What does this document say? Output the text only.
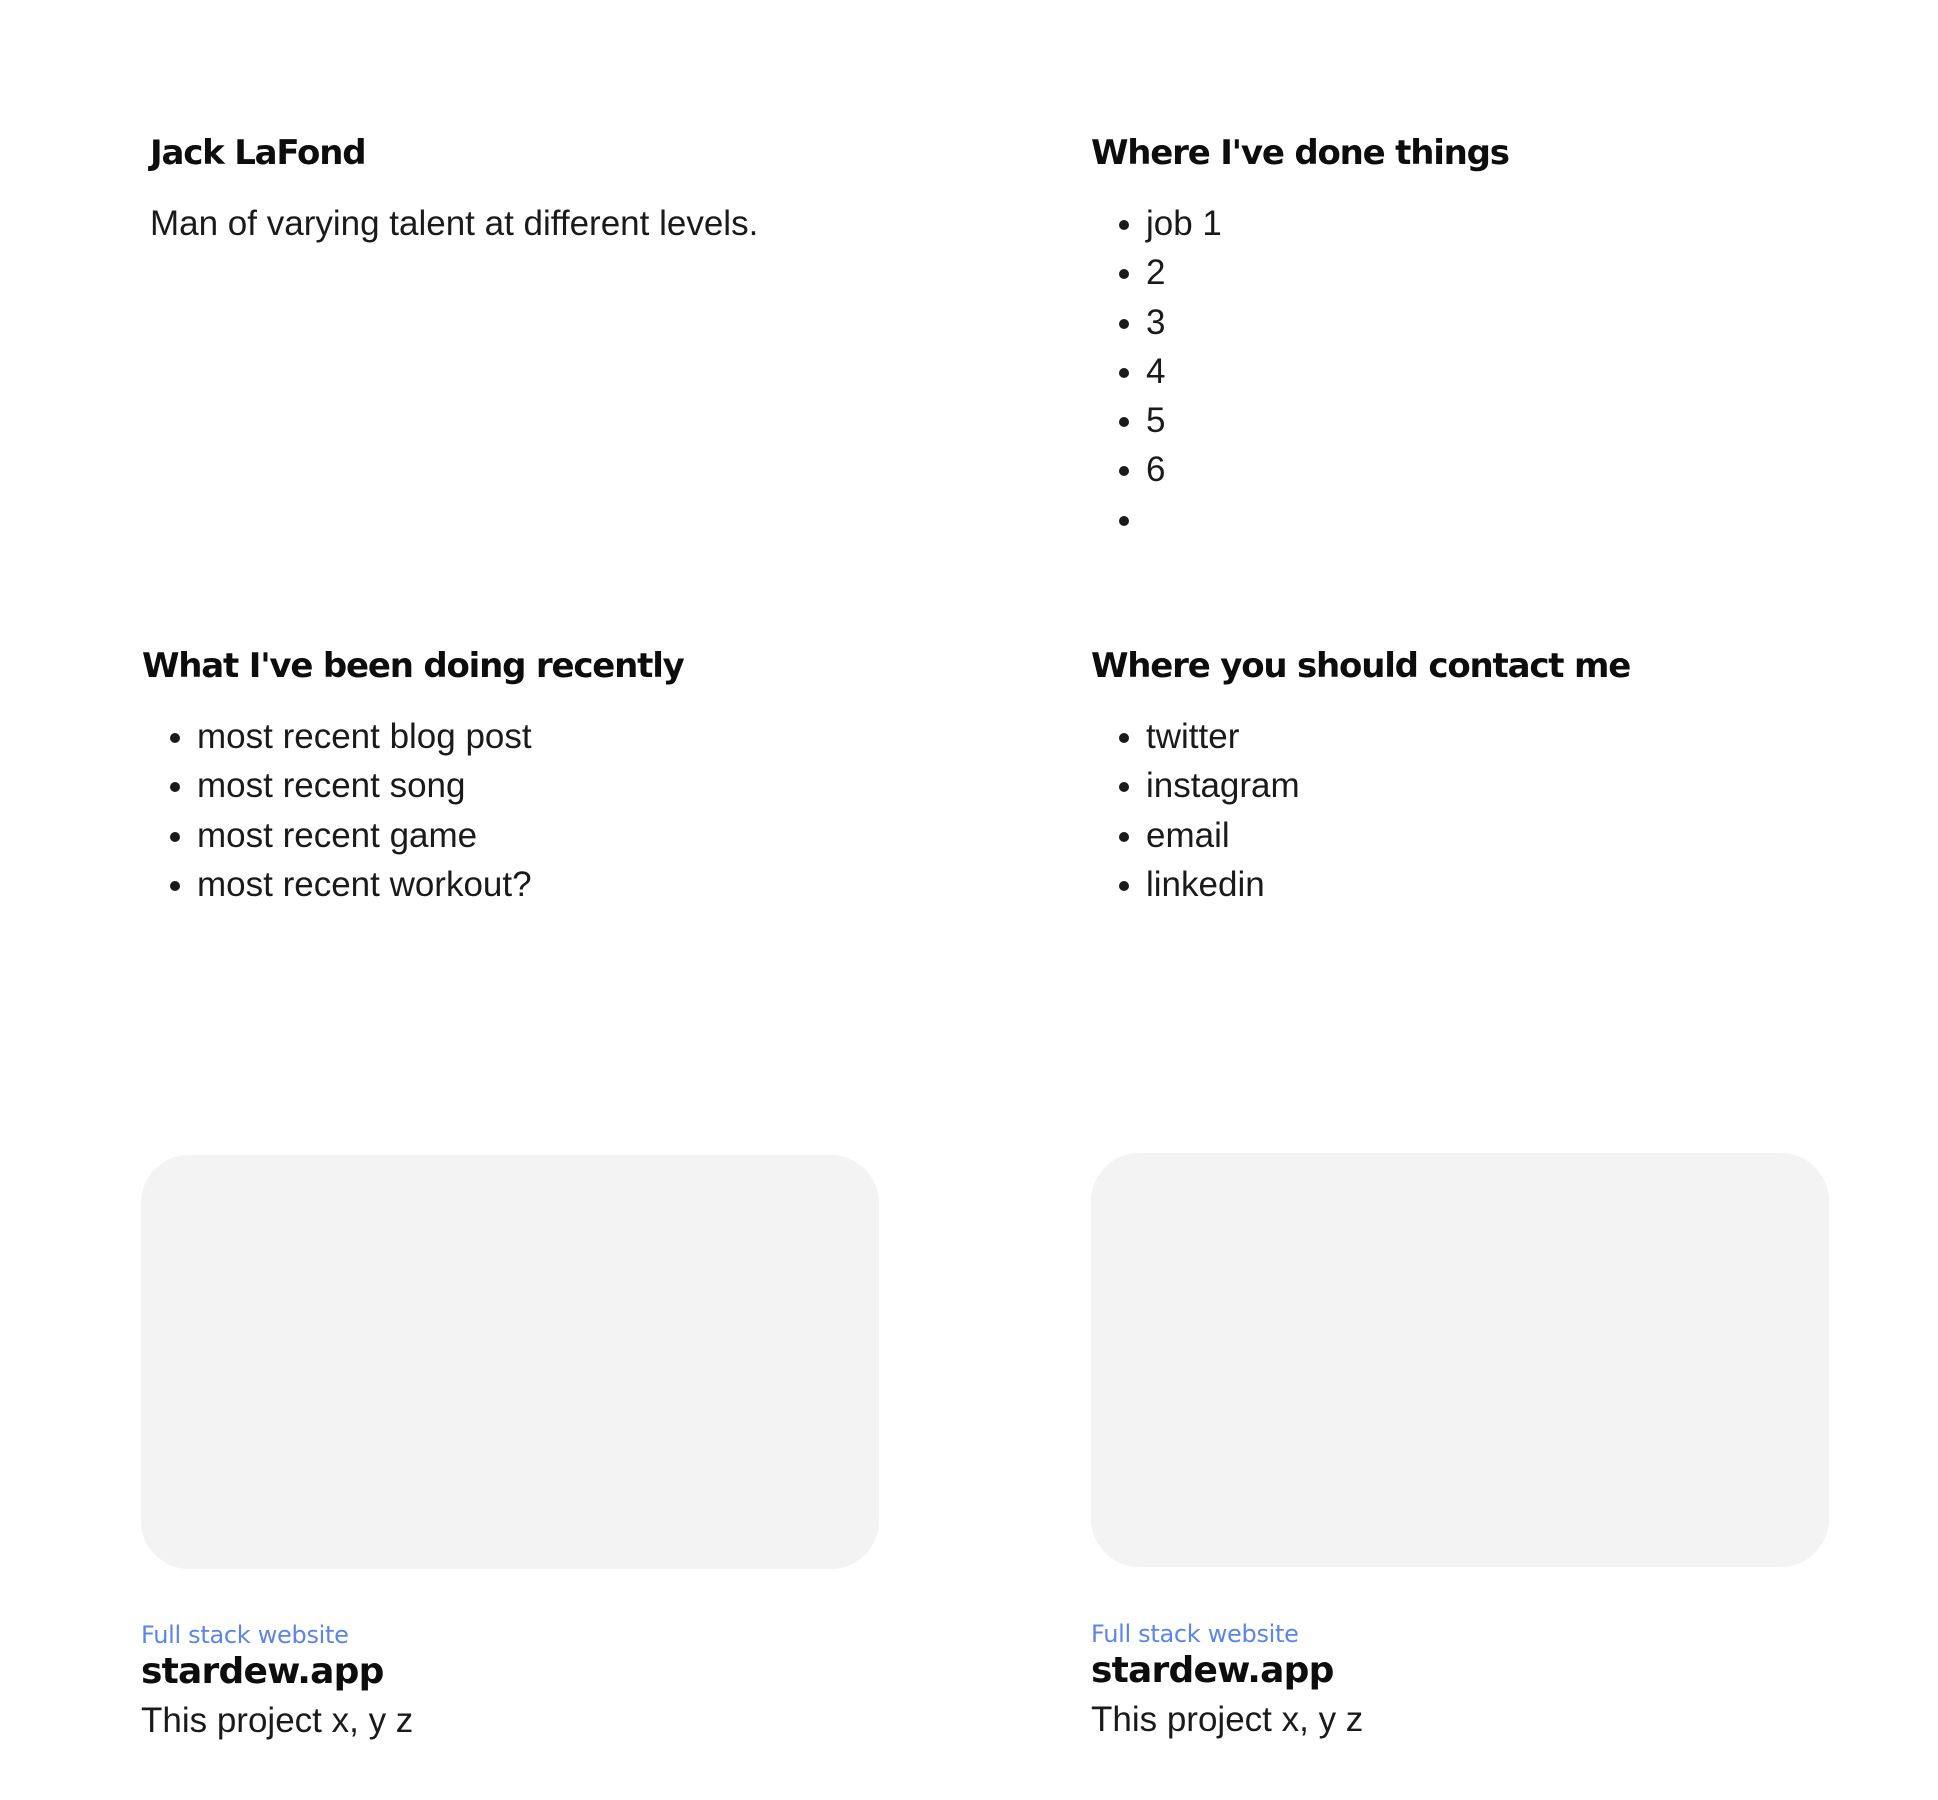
Jack LaFond

Man of varying talent at different levels.

Where I've done things
• job 1
• 2
• 3
• 4
• 5
• 6
•
What I've been doing recently
• most recent blog post
• most recent song
• most recent game
• most recent workout?
Where you should contact me
• twitter
• instagram
• email
• linkedin
Full stack website
stardew.app
This project x, y z
Full stack website
stardew.app
This project x, y z
